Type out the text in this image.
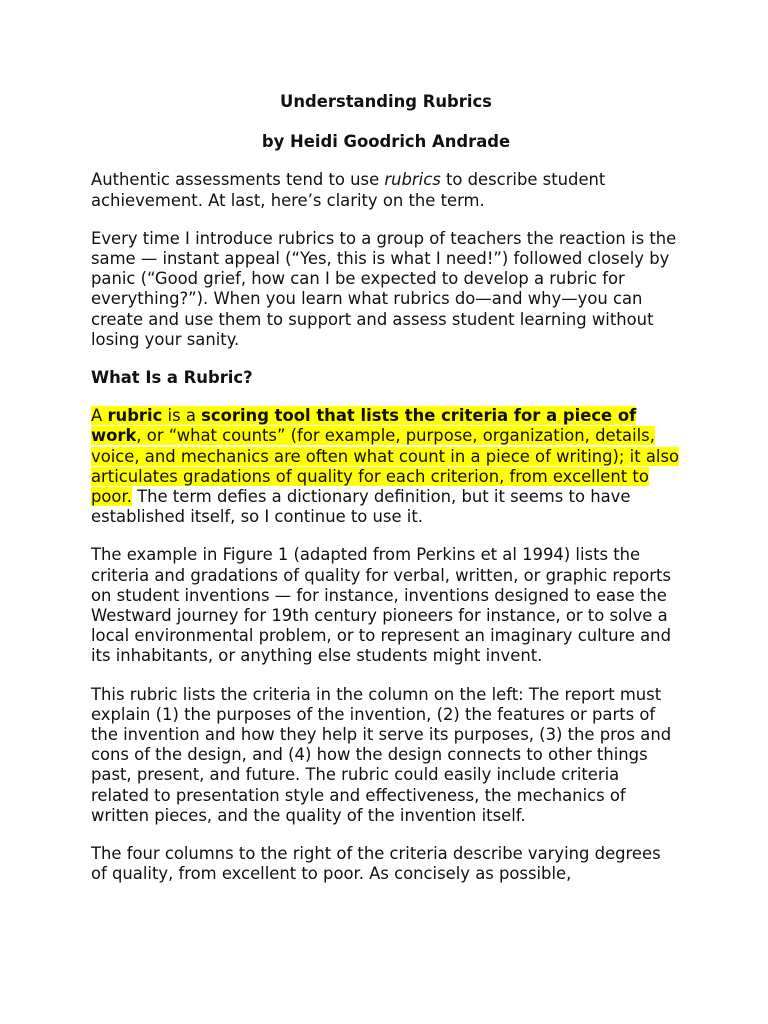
Understanding Rubrics
by Heidi Goodrich Andrade

Authentic assessments tend to use rubrics to describe student achievement. At last, here’s clarity on the term.

Every time I introduce rubrics to a group of teachers the reaction is the same — instant appeal (“Yes, this is what I need!”) followed closely by panic (“Good grief, how can I be expected to develop a rubric for everything?”). When you learn what rubrics do—and why—you can create and use them to support and assess student learning without losing your sanity.

What Is a Rubric?

A rubric is a scoring tool that lists the criteria for a piece of work, or “what counts” (for example, purpose, organization, details, voice, and mechanics are often what count in a piece of writing); it also articulates gradations of quality for each criterion, from excellent to poor. The term defies a dictionary definition, but it seems to have established itself, so I continue to use it.

The example in Figure 1 (adapted from Perkins et al 1994) lists the criteria and gradations of quality for verbal, written, or graphic reports on student inventions — for instance, inventions designed to ease the Westward journey for 19th century pioneers for instance, or to solve a local environmental problem, or to represent an imaginary culture and its inhabitants, or anything else students might invent.

This rubric lists the criteria in the column on the left: The report must explain (1) the purposes of the invention, (2) the features or parts of the invention and how they help it serve its purposes, (3) the pros and cons of the design, and (4) how the design connects to other things past, present, and future. The rubric could easily include criteria related to presentation style and effectiveness, the mechanics of written pieces, and the quality of the invention itself.

The four columns to the right of the criteria describe varying degrees of quality, from excellent to poor. As concisely as possible,
